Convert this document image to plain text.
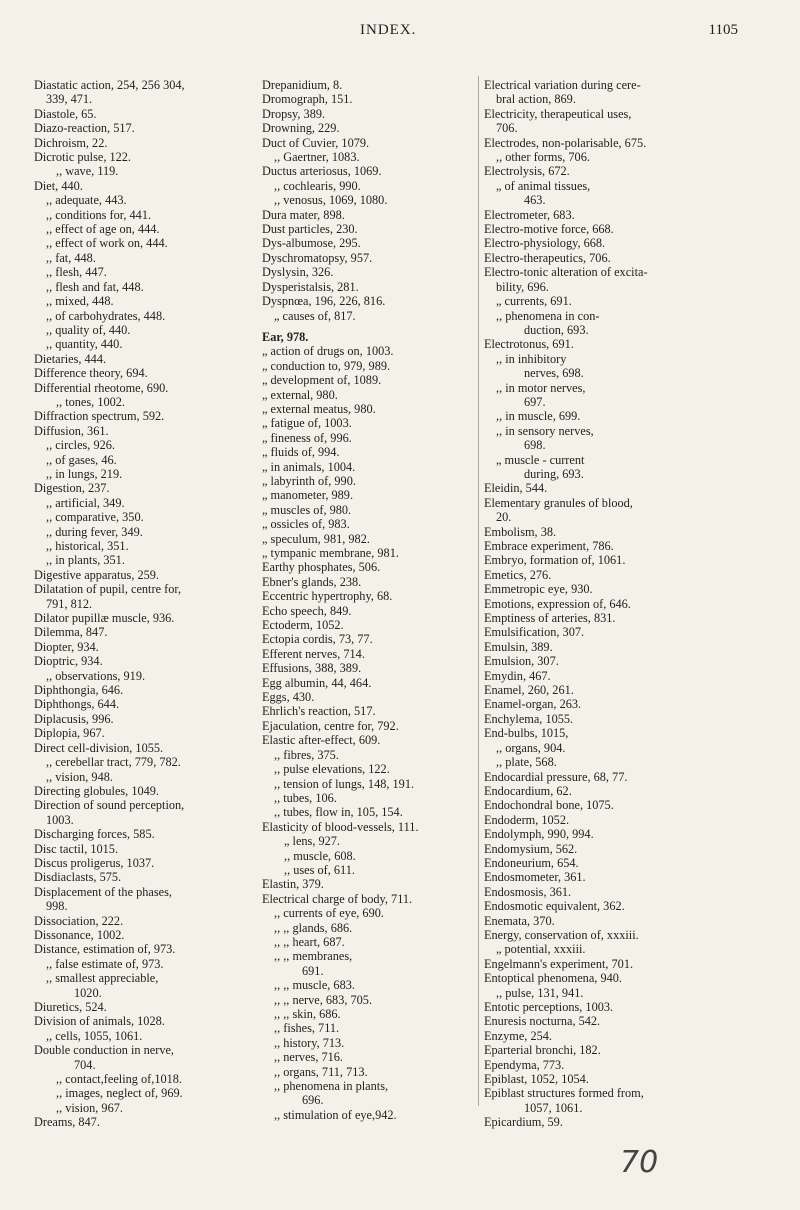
INDEX.	1105
Diastatic action, 254, 256 304,
339, 471.
Diastole, 65.
Diazo-reaction, 517.
Dichroism, 22.
Dicrotic pulse, 122.
,, wave, 119.
Diet, 440.
,, adequate, 443.
,, conditions for, 441.
,, effect of age on, 444.
,, effect of work on, 444.
,, fat, 448.
,, flesh, 447.
,, flesh and fat, 448.
,, mixed, 448.
,, of carbohydrates, 448.
,, quality of, 440.
,, quantity, 440.
Dietaries, 444.
Difference theory, 694.
Differential rheotome, 690.
,, tones, 1002.
Diffraction spectrum, 592.
Diffusion, 361.
,, circles, 926.
,, of gases, 46.
,, in lungs, 219.
Digestion, 237.
,, artificial, 349.
,, comparative, 350.
,, during fever, 349.
,, historical, 351.
,, in plants, 351.
Digestive apparatus, 259.
Dilatation of pupil, centre for,
791, 812.
Dilator pupillæ muscle, 936.
Dilemma, 847.
Diopter, 934.
Dioptric, 934.
,, observations, 919.
Diphthongia, 646.
Diphthongs, 644.
Diplacusis, 996.
Diplopia, 967.
Direct cell-division, 1055.
,, cerebellar tract, 779, 782.
,, vision, 948.
Directing globules, 1049.
Direction of sound perception,
1003.
Discharging forces, 585.
Disc tactil, 1015.
Discus proligerus, 1037.
Disdiaclasts, 575.
Displacement of the phases,
998.
Dissociation, 222.
Dissonance, 1002.
Distance, estimation of, 973.
,, false estimate of, 973.
,, smallest appreciable,
1020.
Diuretics, 524.
Division of animals, 1028.
,, cells, 1055, 1061.
Double conduction in nerve,
704.
,, contact,feeling of,1018.
,, images, neglect of, 969.
,, vision, 967.
Dreams, 847.
Drepanidium, 8.
Dromograph, 151.
Dropsy, 389.
Drowning, 229.
Duct of Cuvier, 1079.
,, Gaertner, 1083.
Ductus arteriosus, 1069.
,, cochlearis, 990.
,, venosus, 1069, 1080.
Dura mater, 898.
Dust particles, 230.
Dys-albumose, 295.
Dyschromatopsy, 957.
Dyslysin, 326.
Dysperistalsis, 281.
Dyspnœa, 196, 226, 816.
„ causes of, 817.
Ear, 978.
„ action of drugs on, 1003.
„ conduction to, 979, 989.
„ development of, 1089.
„ external, 980.
„ external meatus, 980.
„ fatigue of, 1003.
„ fineness of, 996.
„ fluids of, 994.
„ in animals, 1004.
„ labyrinth of, 990.
„ manometer, 989.
„ muscles of, 980.
„ ossicles of, 983.
„ speculum, 981, 982.
„ tympanic membrane, 981.
Earthy phosphates, 506.
Ebner's glands, 238.
Eccentric hypertrophy, 68.
Echo speech, 849.
Ectoderm, 1052.
Ectopia cordis, 73, 77.
Efferent nerves, 714.
Effusions, 388, 389.
Egg albumin, 44, 464.
Eggs, 430.
Ehrlich's reaction, 517.
Ejaculation, centre for, 792.
Elastic after-effect, 609.
,, fibres, 375.
,, pulse elevations, 122.
,, tension of lungs, 148, 191.
,, tubes, 106.
,, tubes, flow in, 105, 154.
Elasticity of blood-vessels, 111.
„ lens, 927.
,, muscle, 608.
,, uses of, 611.
Elastin, 379.
Electrical charge of body, 711.
,, currents of eye, 690.
,, ,, glands, 686.
,, ,, heart, 687.
,, ,, membranes,
691.
,, ,, muscle, 683.
,, ,, nerve, 683, 705.
,, ,, skin, 686.
,, fishes, 711.
,, history, 713.
,, nerves, 716.
,, organs, 711, 713.
,, phenomena in plants,
696.
,, stimulation of eye,942.
Electrical variation during cere-
bral action, 869.
Electricity, therapeutical uses,
706.
Electrodes, non-polarisable, 675.
,, other forms, 706.
Electrolysis, 672.
„ of animal tissues,
463.
Electrometer, 683.
Electro-motive force, 668.
Electro-physiology, 668.
Electro-therapeutics, 706.
Electro-tonic alteration of excita-
bility, 696.
„ currents, 691.
,, phenomena in con-
duction, 693.
Electrotonus, 691.
,, in inhibitory
nerves, 698.
,, in motor nerves,
697.
,, in muscle, 699.
,, in sensory nerves,
698.
„ muscle - current
during, 693.
Eleidin, 544.
Elementary granules of blood,
20.
Embolism, 38.
Embrace experiment, 786.
Embryo, formation of, 1061.
Emetics, 276.
Emmetropic eye, 930.
Emotions, expression of, 646.
Emptiness of arteries, 831.
Emulsification, 307.
Emulsin, 389.
Emulsion, 307.
Emydin, 467.
Enamel, 260, 261.
Enamel-organ, 263.
Enchylema, 1055.
End-bulbs, 1015,
,, organs, 904.
,, plate, 568.
Endocardial pressure, 68, 77.
Endocardium, 62.
Endochondral bone, 1075.
Endoderm, 1052.
Endolymph, 990, 994.
Endomysium, 562.
Endoneurium, 654.
Endosmometer, 361.
Endosmosis, 361.
Endosmotic equivalent, 362.
Enemata, 370.
Energy, conservation of, xxxiii.
„ potential, xxxiii.
Engelmann's experiment, 701.
Entoptical phenomena, 940.
,, pulse, 131, 941.
Entotic perceptions, 1003.
Enuresis nocturna, 542.
Enzyme, 254.
Eparterial bronchi, 182.
Ependyma, 773.
Epiblast, 1052, 1054.
Epiblast structures formed from,
1057, 1061.
Epicardium, 59.
70
